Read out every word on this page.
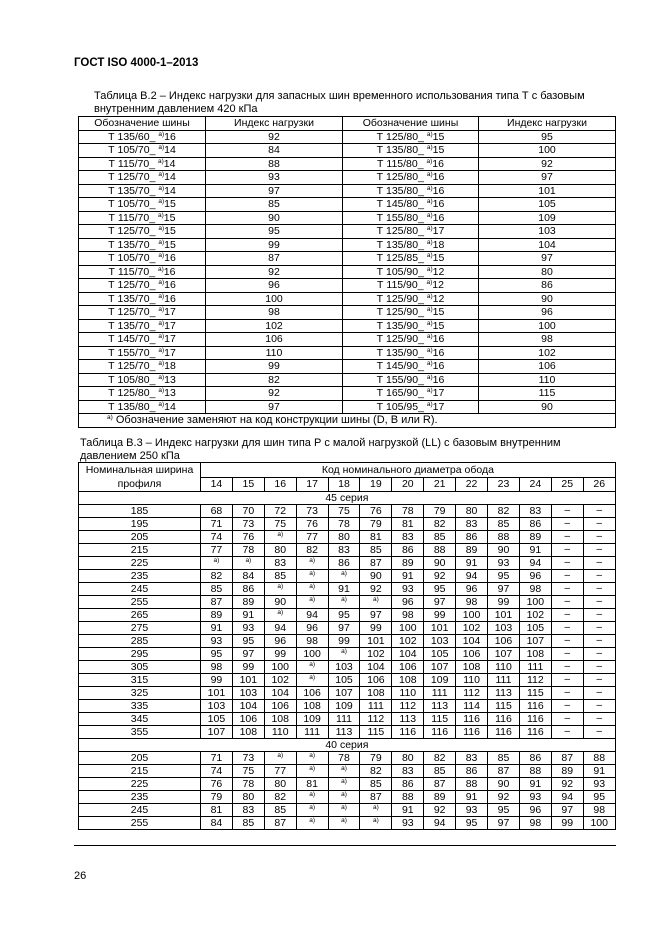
ГОСТ ISO 4000-1–2013
Таблица В.2 – Индекс нагрузки для запасных шин временного использования типа Т с базовым внутренним давлением 420 кПа
Обозначение шины	Индекс нагрузки	Обозначение шины	Индекс нагрузки
Т 135/60_ $^{а)}$16	92	Т 125/80_ $^{а)}$15	95
Т 105/70_ $^{а)}$14	84	Т 135/80_ $^{а)}$15	100
Т 115/70_ $^{а)}$14	88	Т 115/80_ $^{а)}$16	92
Т 125/70_ $^{а)}$14	93	Т 125/80_ $^{а)}$16	97
Т 135/70_ $^{а)}$14	97	Т 135/80_ $^{а)}$16	101
Т 105/70_ $^{а)}$15	85	Т 145/80_ $^{а)}$16	105
Т 115/70_ $^{а)}$15	90	Т 155/80_ $^{а)}$16	109
Т 125/70_ $^{а)}$15	95	Т 125/80_ $^{а)}$17	103
Т 135/70_ $^{а)}$15	99	Т 135/80_ $^{а)}$18	104
Т 105/70_ $^{а)}$16	87	Т 125/85_ $^{а)}$15	97
Т 115/70_ $^{а)}$16	92	Т 105/90_ $^{а)}$12	80
Т 125/70_ $^{а)}$16	96	Т 115/90_ $^{а)}$12	86
Т 135/70_ $^{а)}$16	100	Т 125/90_ $^{а)}$12	90
Т 125/70_ $^{а)}$17	98	Т 125/90_ $^{а)}$15	96
Т 135/70_ $^{а)}$17	102	Т 135/90_ $^{а)}$15	100
Т 145/70_ $^{а)}$17	106	Т 125/90_ $^{а)}$16	98
Т 155/70_ $^{а)}$17	110	Т 135/90_ $^{а)}$16	102
Т 125/70_ $^{а)}$18	99	Т 145/90_ $^{а)}$16	106
Т 105/80_ $^{а)}$13	82	Т 155/90_ $^{а)}$16	110
Т 125/80_ $^{а)}$13	92	Т 165/90_ $^{а)}$17	115
Т 135/80_ $^{а)}$14	97	Т 105/95_ $^{а)}$17	90
$^{а)}$ Обозначение заменяют на код конструкции шины (D, В или R).			
Таблица В.3 – Индекс нагрузки для шин типа Р с малой нагрузкой (LL) с базовым внутренним давлением 250 кПа
Номинальная ширина профиля	Код номинального диаметра обода												
	14	15	16	17	18	19	20	21	22	23	24	25	26
45 серия													
185	68	70	72	73	75	76	78	79	80	82	83	–	–
195	71	73	75	76	78	79	81	82	83	85	86	–	–
205	74	76	$^{а)}$	77	80	81	83	85	86	88	89	–	–
215	77	78	80	82	83	85	86	88	89	90	91	–	–
225	$^{а)}$	$^{а)}$	83	$^{а)}$	86	87	89	90	91	93	94	–	–
235	82	84	85	$^{а)}$	$^{а)}$	90	91	92	94	95	96	–	–
245	85	86	$^{а)}$	$^{а)}$	91	92	93	95	96	97	98	–	–
255	87	89	90	$^{а)}$	$^{а)}$	$^{а)}$	96	97	98	99	100	–	–
265	89	91	$^{а)}$	94	95	97	98	99	100	101	102	–	–
275	91	93	94	96	97	99	100	101	102	103	105	–	–
285	93	95	96	98	99	101	102	103	104	106	107	–	–
295	95	97	99	100	$^{а)}$	102	104	105	106	107	108	–	–
305	98	99	100	$^{а)}$	103	104	106	107	108	110	111	–	–
315	99	101	102	$^{а)}$	105	106	108	109	110	111	112	–	–
325	101	103	104	106	107	108	110	111	112	113	115	–	–
335	103	104	106	108	109	111	112	113	114	115	116	–	–
345	105	106	108	109	111	112	113	115	116	116	116	–	–
355	107	108	110	111	113	115	116	116	116	116	116	–	–
40 серия													
205	71	73	$^{а)}$	$^{а)}$	78	79	80	82	83	85	86	87	88
215	74	75	77	$^{а)}$	$^{а)}$	82	83	85	86	87	88	89	91
225	76	78	80	81	$^{а)}$	85	86	87	88	90	91	92	93
235	79	80	82	$^{а)}$	$^{а)}$	87	88	89	91	92	93	94	95
245	81	83	85	$^{а)}$	$^{а)}$	$^{а)}$	91	92	93	95	96	97	98
255	84	85	87	$^{а)}$	$^{а)}$	$^{а)}$	93	94	95	97	98	99	100
26
